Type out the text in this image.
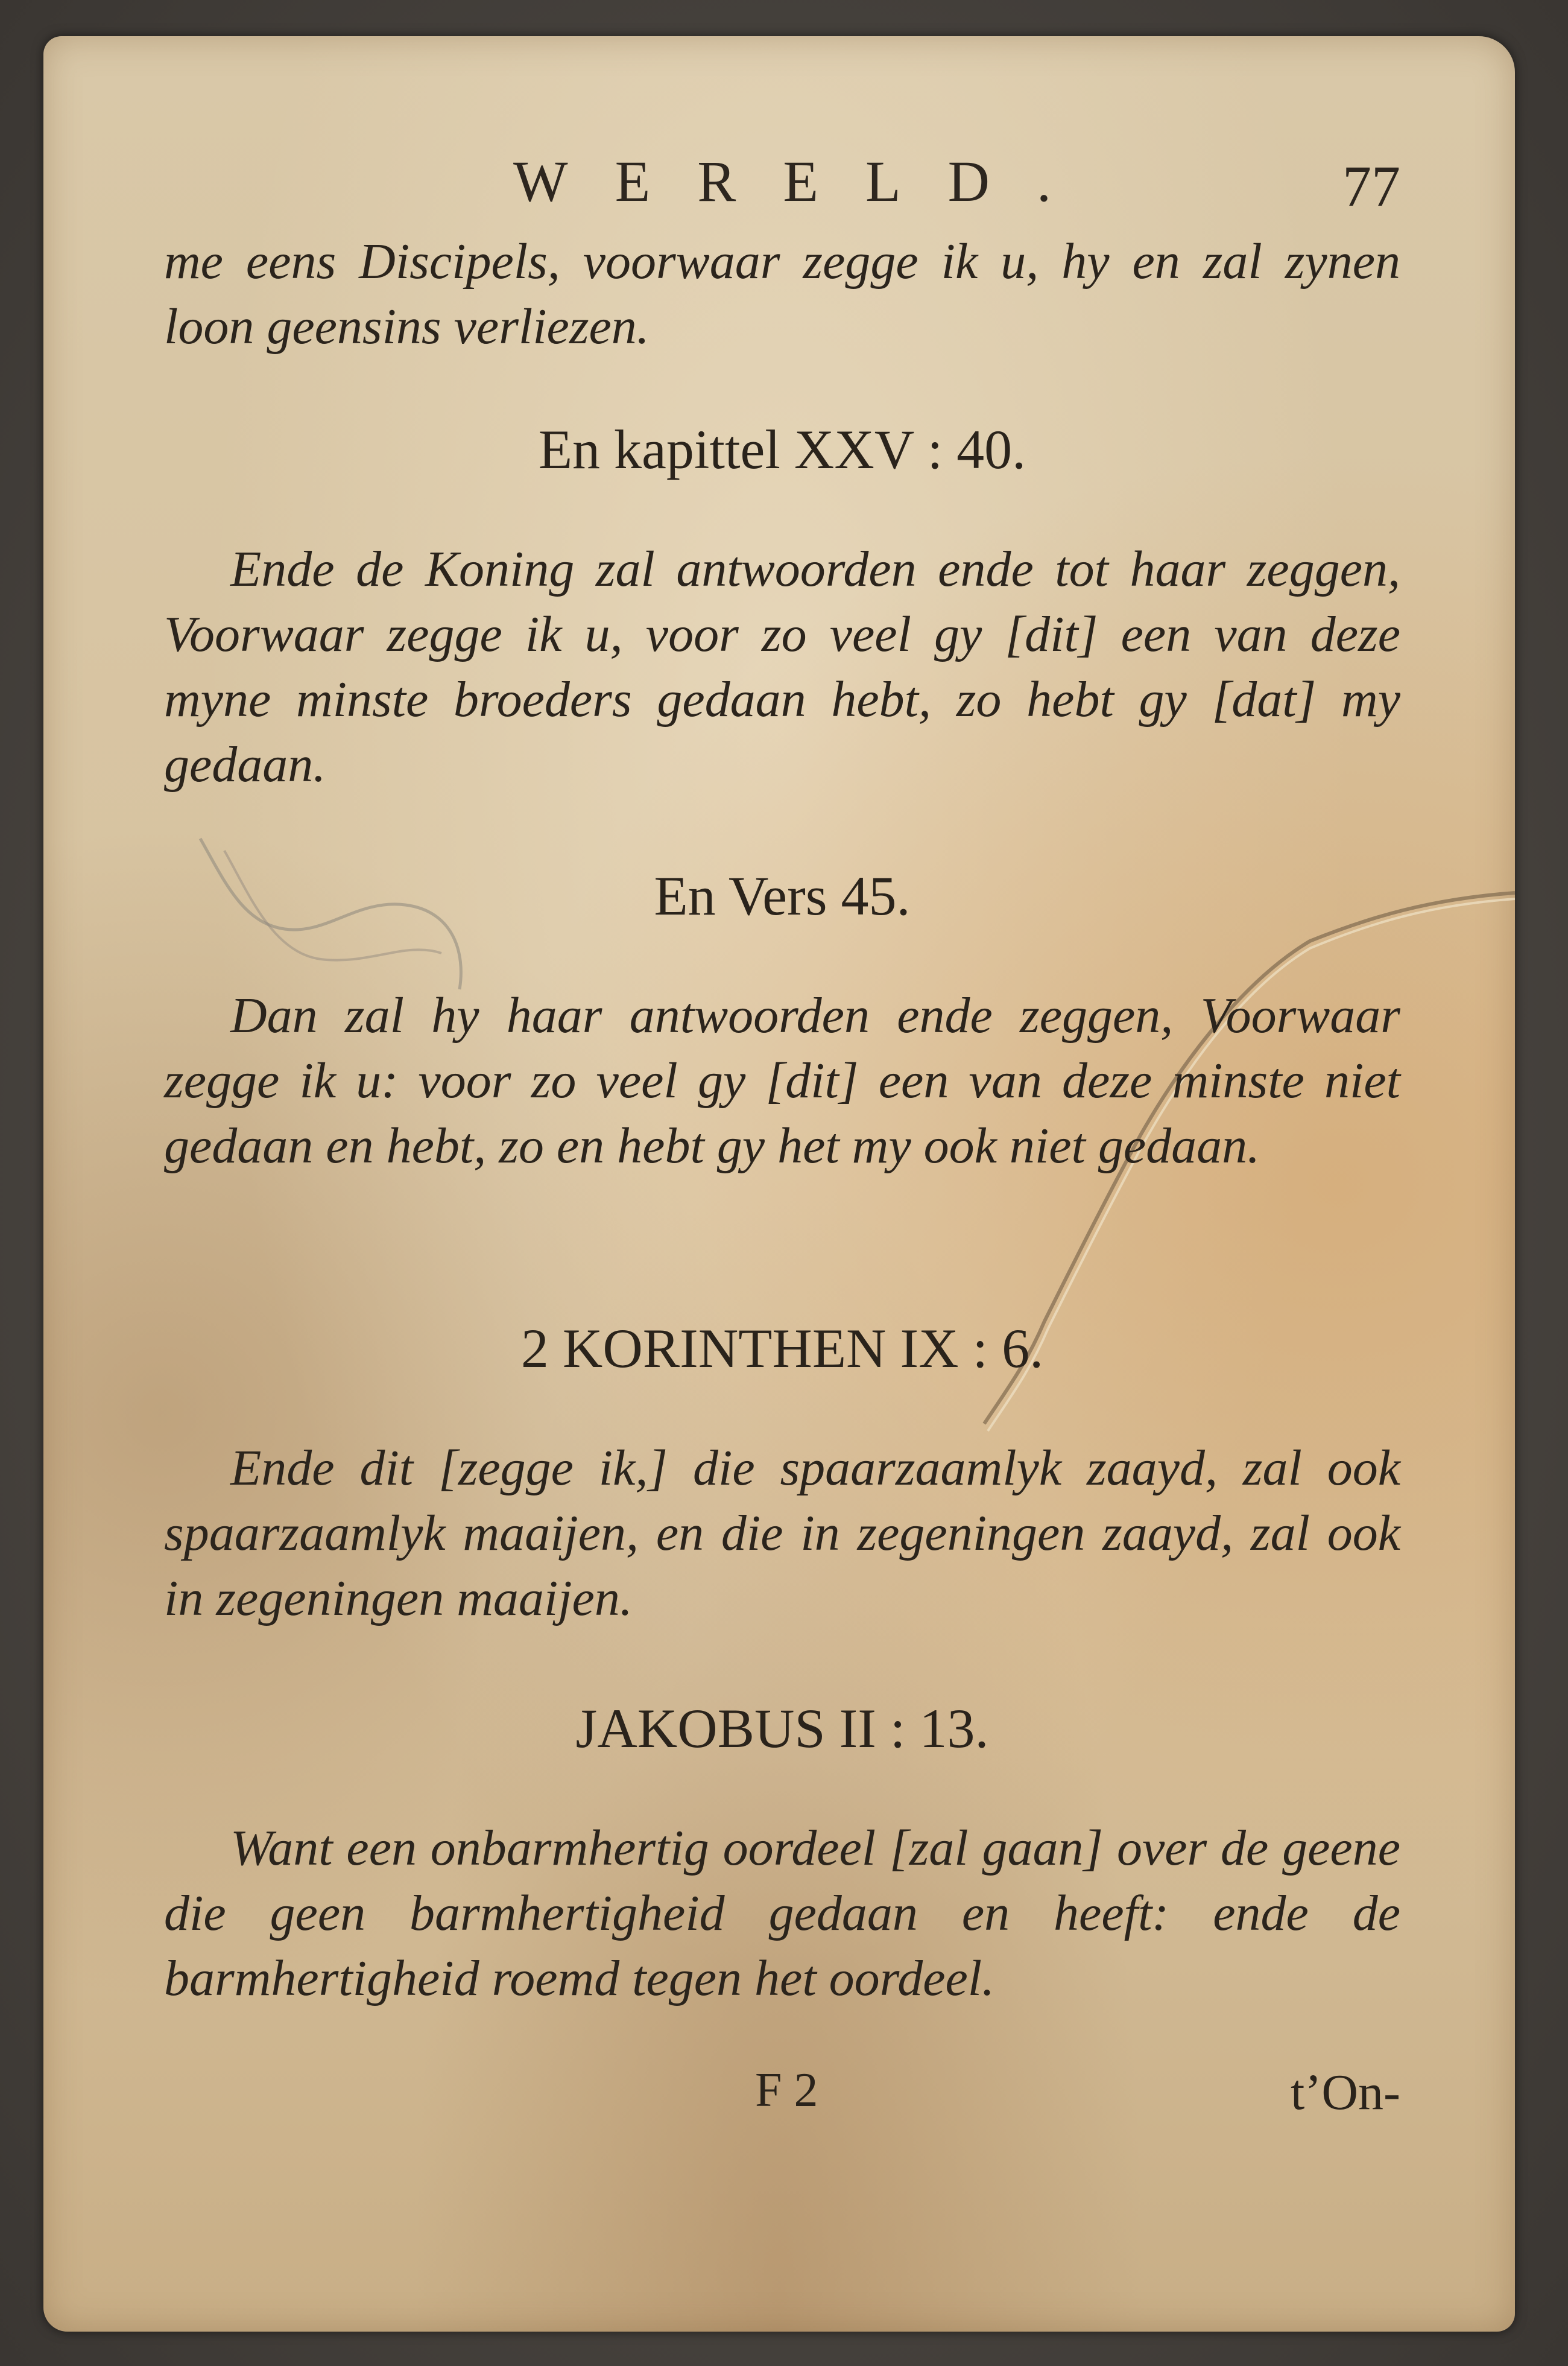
WERELD.	77

me eens Discipels, voorwaar zegge ik u, hy en zal zynen loon geensins verliezen.

En kapittel XXV : 40.

Ende de Koning zal antwoorden ende tot haar zeggen, Voorwaar zegge ik u, voor zo veel gy [dit] een van deze myne minste broeders gedaan hebt, zo hebt gy [dat] my gedaan.

En Vers 45.

Dan zal hy haar antwoorden ende zeggen, Voorwaar zegge ik u: voor zo veel gy [dit] een van deze minste niet gedaan en hebt, zo en hebt gy het my ook niet gedaan.

2 KORINTHEN IX : 6.

Ende dit [zegge ik,] die spaarzaamlyk zaayd, zal ook spaarzaamlyk maaijen, en die in zegeningen zaayd, zal ook in zegeningen maaijen.

JAKOBUS II : 13.

Want een onbarmhertig oordeel [zal gaan] over de geene die geen barmhertigheid gedaan en heeft: ende de barmhertigheid roemd tegen het oordeel.

F 2	t’On-
